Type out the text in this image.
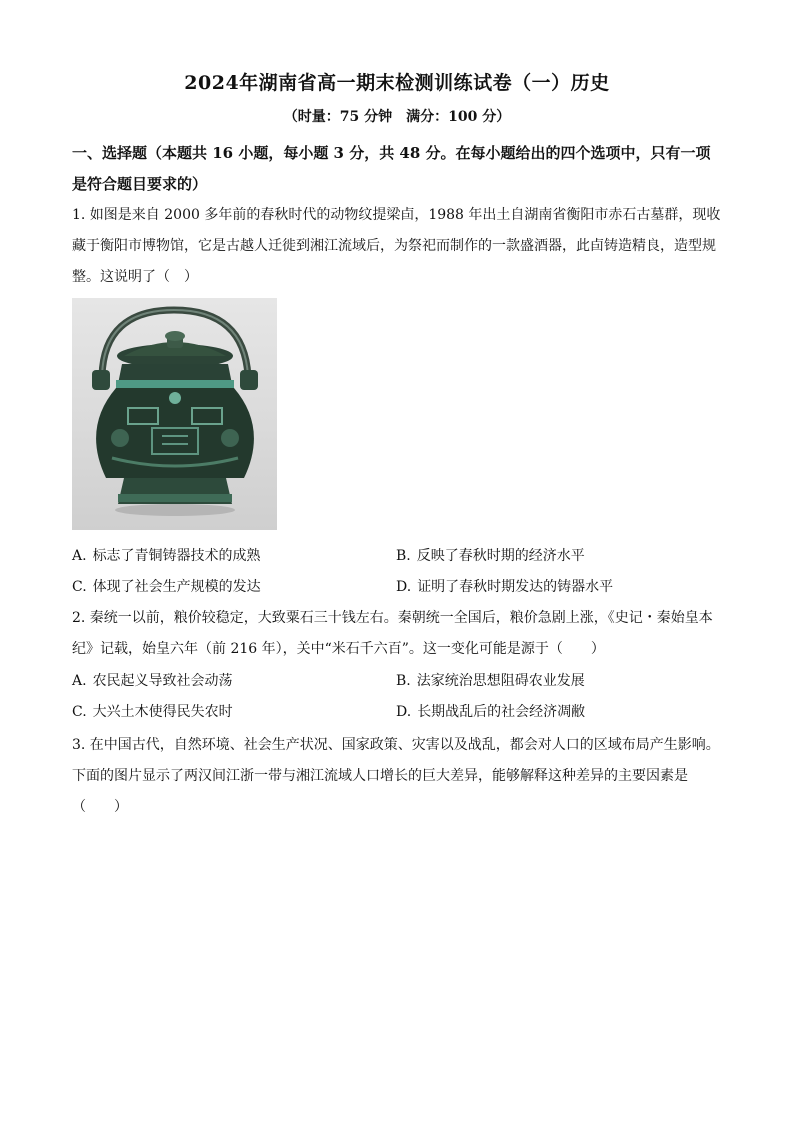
2024年湖南省高一期末检测训练试卷（一）历史
（时量：75 分钟　满分：100 分）
一、选择题（本题共 16 小题，每小题 3 分，共 48 分。在每小题给出的四个选项中，只有一项是符合题目要求的）
1. 如图是来自 2000 多年前的春秋时代的动物纹提梁卣，1988 年出土自湖南省衡阳市赤石古墓群，现收藏于衡阳市博物馆，它是古越人迁徙到湘江流域后，为祭祀而制作的一款盛酒器，此卣铸造精良，造型规整。这说明了（　）
A. 标志了青铜铸器技术的成熟	B. 反映了春秋时期的经济水平
C. 体现了社会生产规模的发达	D. 证明了春秋时期发达的铸器水平
2. 秦统一以前，粮价较稳定，大致粟石三十钱左右。秦朝统一全国后，粮价急剧上涨，《史记・秦始皇本纪》记载，始皇六年（前 216 年），关中“米石千六百”。这一变化可能是源于（　　）
A. 农民起义导致社会动荡	B. 法家统治思想阻碍农业发展
C. 大兴土木使得民失农时	D. 长期战乱后的社会经济凋敝
3. 在中国古代，自然环境、社会生产状况、国家政策、灾害以及战乱，都会对人口的区域布局产生影响。下面的图片显示了两汉间江浙一带与湘江流域人口增长的巨大差异，能够解释这种差异的主要因素是（　　）
